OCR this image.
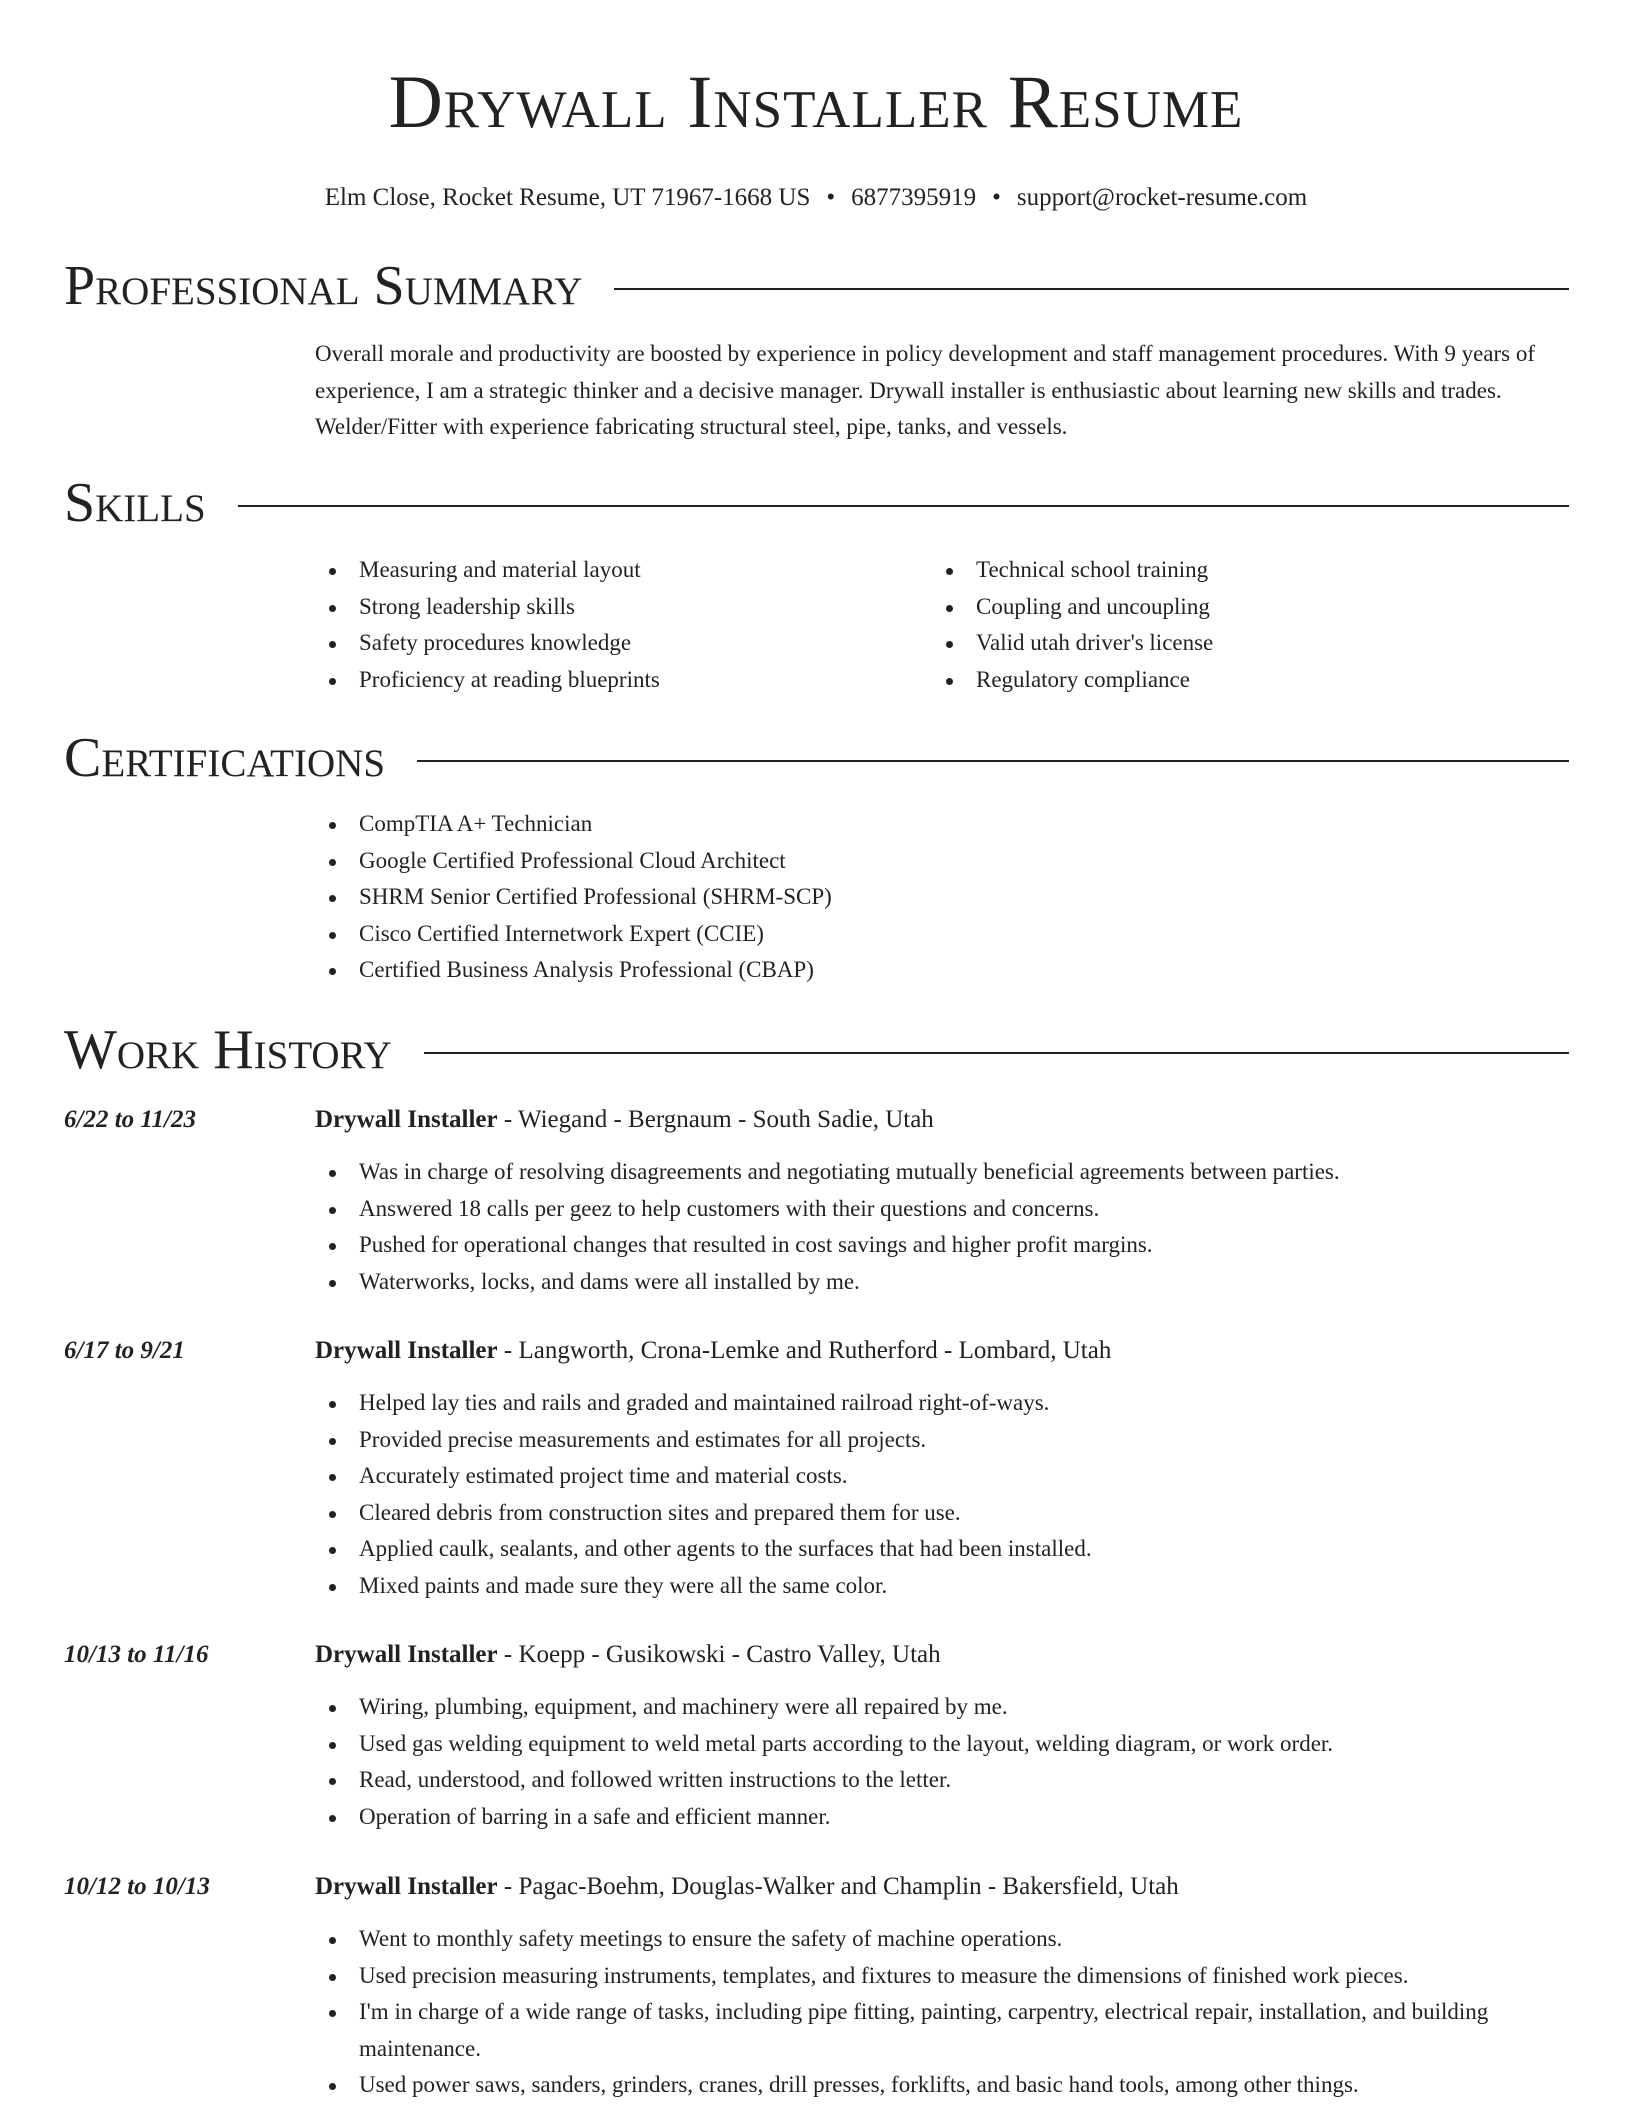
Drywall Installer Resume
Elm Close, Rocket Resume, UT 71967-1668 US • 6877395919 • support@rocket-resume.com
Professional Summary
Overall morale and productivity are boosted by experience in policy development and staff management procedures. With 9 years of experience, I am a strategic thinker and a decisive manager. Drywall installer is enthusiastic about learning new skills and trades. Welder/Fitter with experience fabricating structural steel, pipe, tanks, and vessels.
Skills
Measuring and material layout
Strong leadership skills
Safety procedures knowledge
Proficiency at reading blueprints
Technical school training
Coupling and uncoupling
Valid utah driver's license
Regulatory compliance
Certifications
CompTIA A+ Technician
Google Certified Professional Cloud Architect
SHRM Senior Certified Professional (SHRM-SCP)
Cisco Certified Internetwork Expert (CCIE)
Certified Business Analysis Professional (CBAP)
Work History
6/22 to 11/23	Drywall Installer - Wiegand - Bergnaum - South Sadie, Utah
Was in charge of resolving disagreements and negotiating mutually beneficial agreements between parties.
Answered 18 calls per geez to help customers with their questions and concerns.
Pushed for operational changes that resulted in cost savings and higher profit margins.
Waterworks, locks, and dams were all installed by me.
6/17 to 9/21	Drywall Installer - Langworth, Crona-Lemke and Rutherford - Lombard, Utah
Helped lay ties and rails and graded and maintained railroad right-of-ways.
Provided precise measurements and estimates for all projects.
Accurately estimated project time and material costs.
Cleared debris from construction sites and prepared them for use.
Applied caulk, sealants, and other agents to the surfaces that had been installed.
Mixed paints and made sure they were all the same color.
10/13 to 11/16	Drywall Installer - Koepp - Gusikowski - Castro Valley, Utah
Wiring, plumbing, equipment, and machinery were all repaired by me.
Used gas welding equipment to weld metal parts according to the layout, welding diagram, or work order.
Read, understood, and followed written instructions to the letter.
Operation of barring in a safe and efficient manner.
10/12 to 10/13	Drywall Installer - Pagac-Boehm, Douglas-Walker and Champlin - Bakersfield, Utah
Went to monthly safety meetings to ensure the safety of machine operations.
Used precision measuring instruments, templates, and fixtures to measure the dimensions of finished work pieces.
I'm in charge of a wide range of tasks, including pipe fitting, painting, carpentry, electrical repair, installation, and building maintenance.
Used power saws, sanders, grinders, cranes, drill presses, forklifts, and basic hand tools, among other things.
